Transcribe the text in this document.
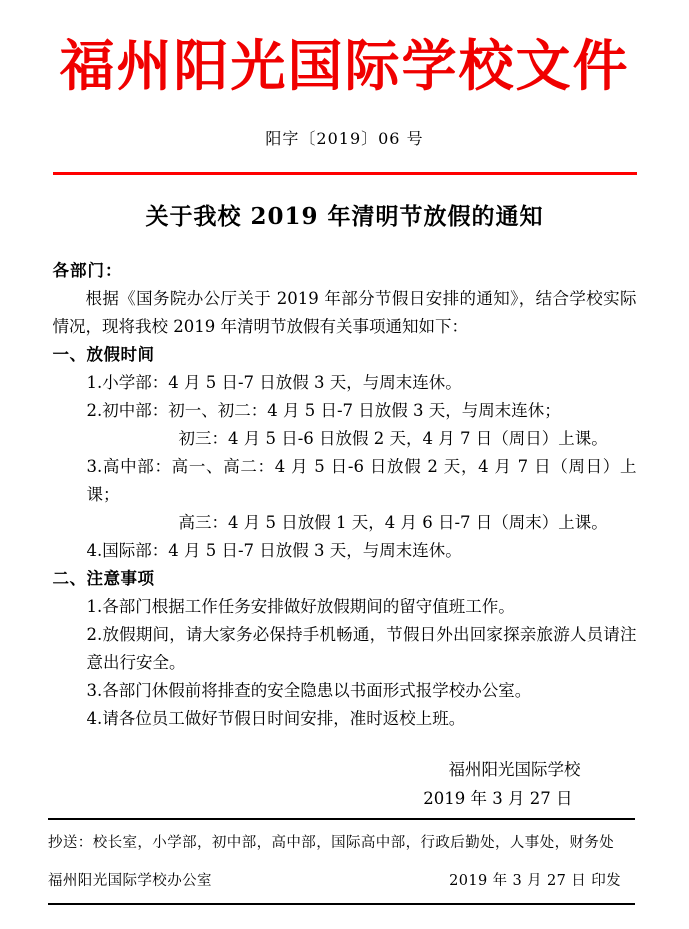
福州阳光国际学校文件
阳字〔2019〕06 号
关于我校 2019 年清明节放假的通知
各部门：

根据《国务院办公厅关于 2019 年部分节假日安排的通知》，结合学校实际情况，现将我校 2019 年清明节放假有关事项通知如下：

一、放假时间

1.小学部：4 月 5 日-7 日放假 3 天，与周末连休。

2.初中部：初一、初二：4 月 5 日-7 日放假 3 天，与周末连休；

初三：4 月 5 日-6 日放假 2 天，4 月 7 日（周日）上课。

3.高中部：高一、高二：4 月 5 日-6 日放假 2 天，4 月 7 日（周日）上课；

高三：4 月 5 日放假 1 天，4 月 6 日-7 日（周末）上课。

4.国际部：4 月 5 日-7 日放假 3 天，与周末连休。

二、注意事项

1.各部门根据工作任务安排做好放假期间的留守值班工作。

2.放假期间，请大家务必保持手机畅通，节假日外出回家探亲旅游人员请注意出行安全。

3.各部门休假前将排查的安全隐患以书面形式报学校办公室。

4.请各位员工做好节假日时间安排，准时返校上班。

福州阳光国际学校
2019 年 3 月 27 日
抄送：校长室，小学部，初中部，高中部，国际高中部，行政后勤处，人事处，财务处
福州阳光国际学校办公室	2019 年 3 月 27 日 印发
